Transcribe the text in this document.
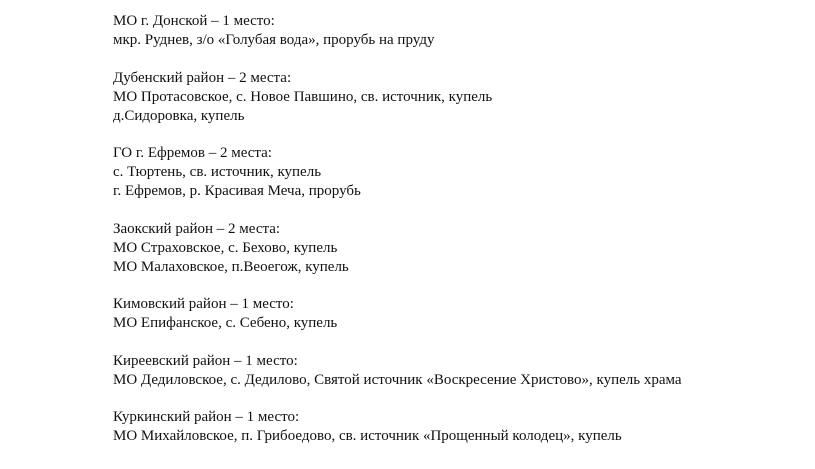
МО г. Донской – 1 место:
мкр. Руднев, з/о «Голубая вода», прорубь на пруду
Дубенский район – 2 места:
МО Протасовское, с. Новое Павшино, св. источник, купель
д.Сидоровка, купель
ГО г. Ефремов – 2 места:
с. Тюртень, св. источник, купель
г. Ефремов, р. Красивая Меча, прорубь
Заокский район – 2 места:
МО Страховское, с. Бехово, купель
МО Малаховское, п.Веоегож, купель
Кимовский район – 1 место:
МО Епифанское, с. Себено, купель
Киреевский район – 1 место:
МО Дедиловское, с. Дедилово, Святой источник «Воскресение Христово», купель храма
Куркинский район – 1 место:
МО Михайловское, п. Грибоедово, св. источник «Прощенный колодец», купель
